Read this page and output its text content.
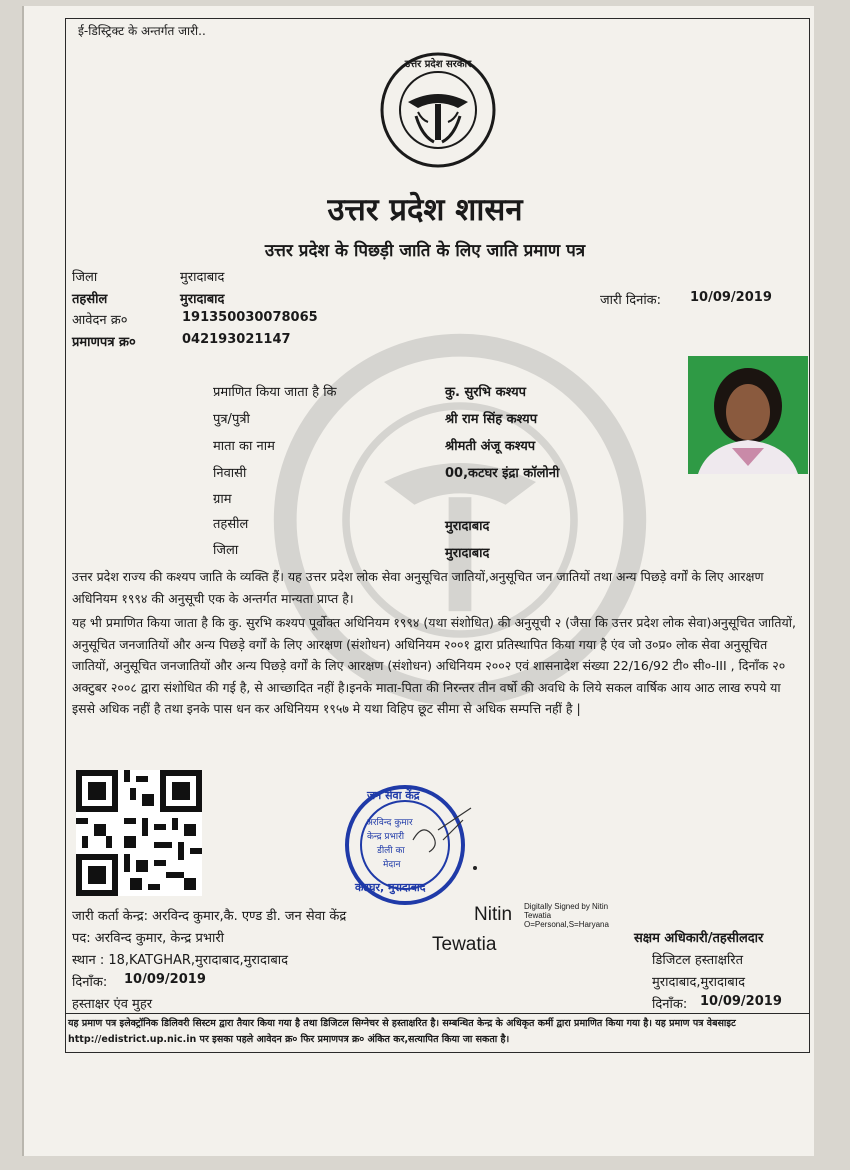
ई-डिस्ट्रिक्ट के अन्तर्गत जारी..
उत्तर प्रदेश सरकार
उत्तर प्रदेश शासन
उत्तर प्रदेश के पिछड़ी जाति के लिए जाति प्रमाण पत्र
जिला	मुरादाबाद
तहसील	मुरादाबाद
आवेदन क्र०	191350030078065
प्रमाणपत्र क्र०	042193021147
जारी दिनांक: 10/09/2019
प्रमाणित किया जाता है कि	कु. सुरभि कश्यप
पुत्र/पुत्री	श्री राम सिंह कश्यप
माता का नाम	श्रीमती अंजू कश्यप
निवासी	00,कटघर इंद्रा कॉलोनी
ग्राम
तहसील	मुरादाबाद
जिला	मुरादाबाद
उत्तर प्रदेश राज्य की कश्यप जाति के व्यक्ति हैं। यह उत्तर प्रदेश लोक सेवा अनुसूचित जातियों,अनुसूचित जन जातियों तथा अन्य पिछड़े वर्गों के लिए आरक्षण अधिनियम १९९४ की अनुसूची एक के अन्तर्गत मान्यता प्राप्त है।
यह भी प्रमाणित किया जाता है कि कु. सुरभि कश्यप पूर्वोक्त अधिनियम १९९४ (यथा संशोधित) की अनुसूची २ (जैसा कि उत्तर प्रदेश लोक सेवा)अनुसूचित जातियों, अनुसूचित जनजातियों और अन्य पिछड़े वर्गों के लिए आरक्षण (संशोधन) अधिनियम २००१ द्वारा प्रतिस्थापित किया गया है एंव जो उ०प्र० लोक सेवा अनुसूचित जातियों, अनुसूचित जनजातियों और अन्य पिछड़े वर्गों के लिए आरक्षण (संशोधन) अधिनियम २००२ एवं शासनादेश संख्या 22/16/92 टी० सी०-III , दिनाँक २० अक्टुबर २००८ द्वारा संशोधित की गई है, से आच्छादित नहीं है।इनके माता-पिता की निरन्तर तीन वर्षो की अवधि के लिये सकल वार्षिक आय आठ लाख रुपये या इससे अधिक नहीं है तथा इनके पास धन कर अधिनियम १९५७ मे यथा विहिप छूट सीमा से अधिक सम्पत्ति नहीं है |
जन सेवा केंद्र
अरविन्द कुमार
केन्द्र प्रभारी
डीली का
मेदान
कटघर, मुरादाबाद
जारी कर्ता केन्द्र: अरविन्द कुमार,कै. एण्ड डी. जन सेवा केंद्र
पद: अरविन्द कुमार, केन्द्र प्रभारी
स्थान : 18,KATGHAR,मुरादाबाद,मुरादाबाद
दिनाँक: 10/09/2019
हस्ताक्षर एंव मुहर
Nitin
Tewatia
Digitally Signed by Nitin
Tewatia
O=Personal,S=Haryana
सक्षम अधिकारी/तहसीलदार
डिजिटल हस्ताक्षरित
मुरादाबाद,मुरादाबाद
दिनाँक: 10/09/2019
यह प्रमाण पत्र इलेक्ट्रॉनिक डिलिवरी सिस्टम द्वारा तैयार किया गया है तथा डिजिटल सिग्नेचर से हस्ताक्षरित है। सम्बन्धित केन्द्र के अधिकृत कर्मी द्वारा प्रमाणित किया गया है। यह प्रमाण पत्र वेबसाइट http://edistrict.up.nic.in पर इसका पहले आवेदन क्र० फिर प्रमाणपत्र क्र० अंकित कर,सत्यापित किया जा सकता है।
